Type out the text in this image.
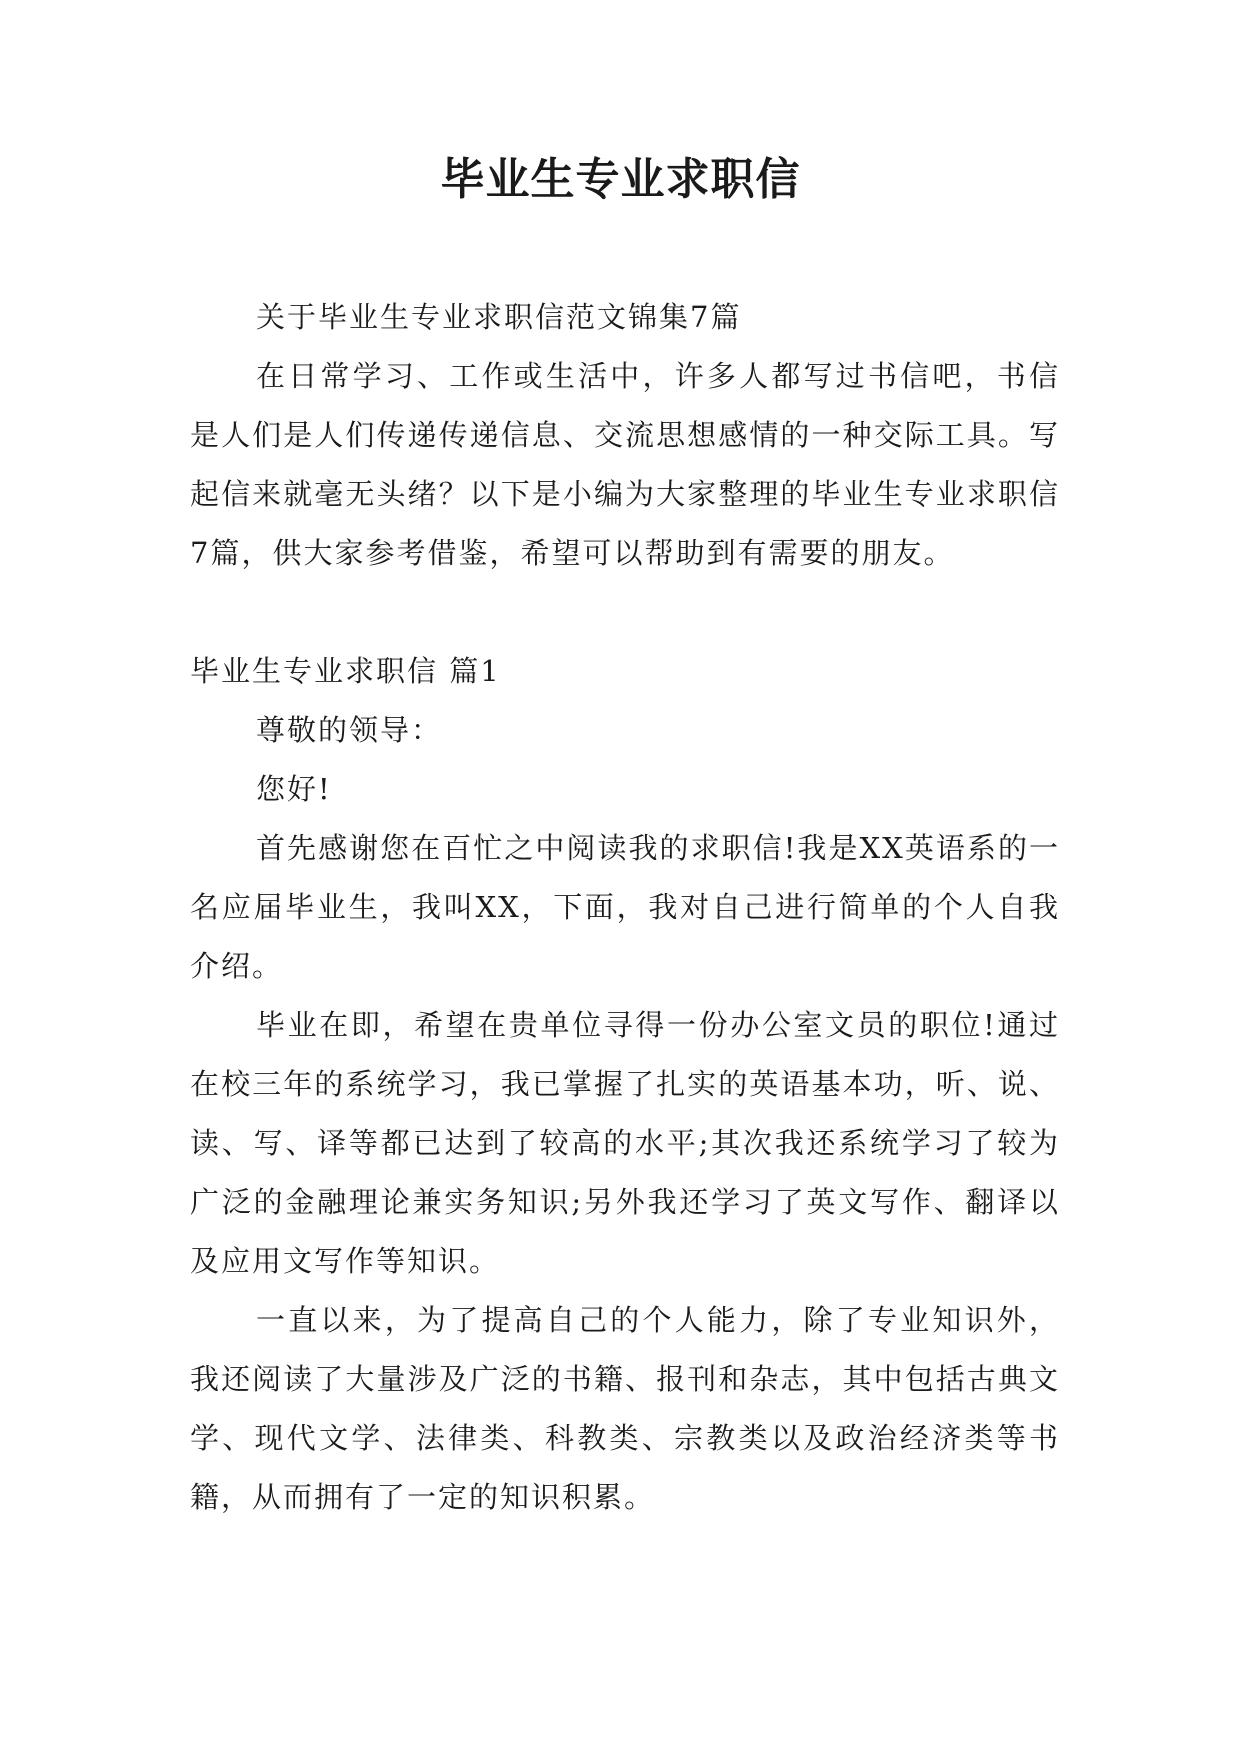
毕业生专业求职信

关于毕业生专业求职信范文锦集7篇

在日常学习、工作或生活中，许多人都写过书信吧，书信是人们是人们传递传递信息、交流思想感情的一种交际工具。写起信来就毫无头绪？以下是小编为大家整理的毕业生专业求职信7篇，供大家参考借鉴，希望可以帮助到有需要的朋友。

毕业生专业求职信 篇1

尊敬的领导：

您好!

首先感谢您在百忙之中阅读我的求职信!我是XX英语系的一名应届毕业生，我叫XX，下面，我对自己进行简单的个人自我介绍。

毕业在即，希望在贵单位寻得一份办公室文员的职位!通过在校三年的系统学习，我已掌握了扎实的英语基本功，听、说、读、写、译等都已达到了较高的水平;其次我还系统学习了较为广泛的金融理论兼实务知识;另外我还学习了英文写作、翻译以及应用文写作等知识。

一直以来，为了提高自己的个人能力，除了专业知识外，我还阅读了大量涉及广泛的书籍、报刊和杂志，其中包括古典文学、现代文学、法律类、科教类、宗教类以及政治经济类等书籍，从而拥有了一定的知识积累。
